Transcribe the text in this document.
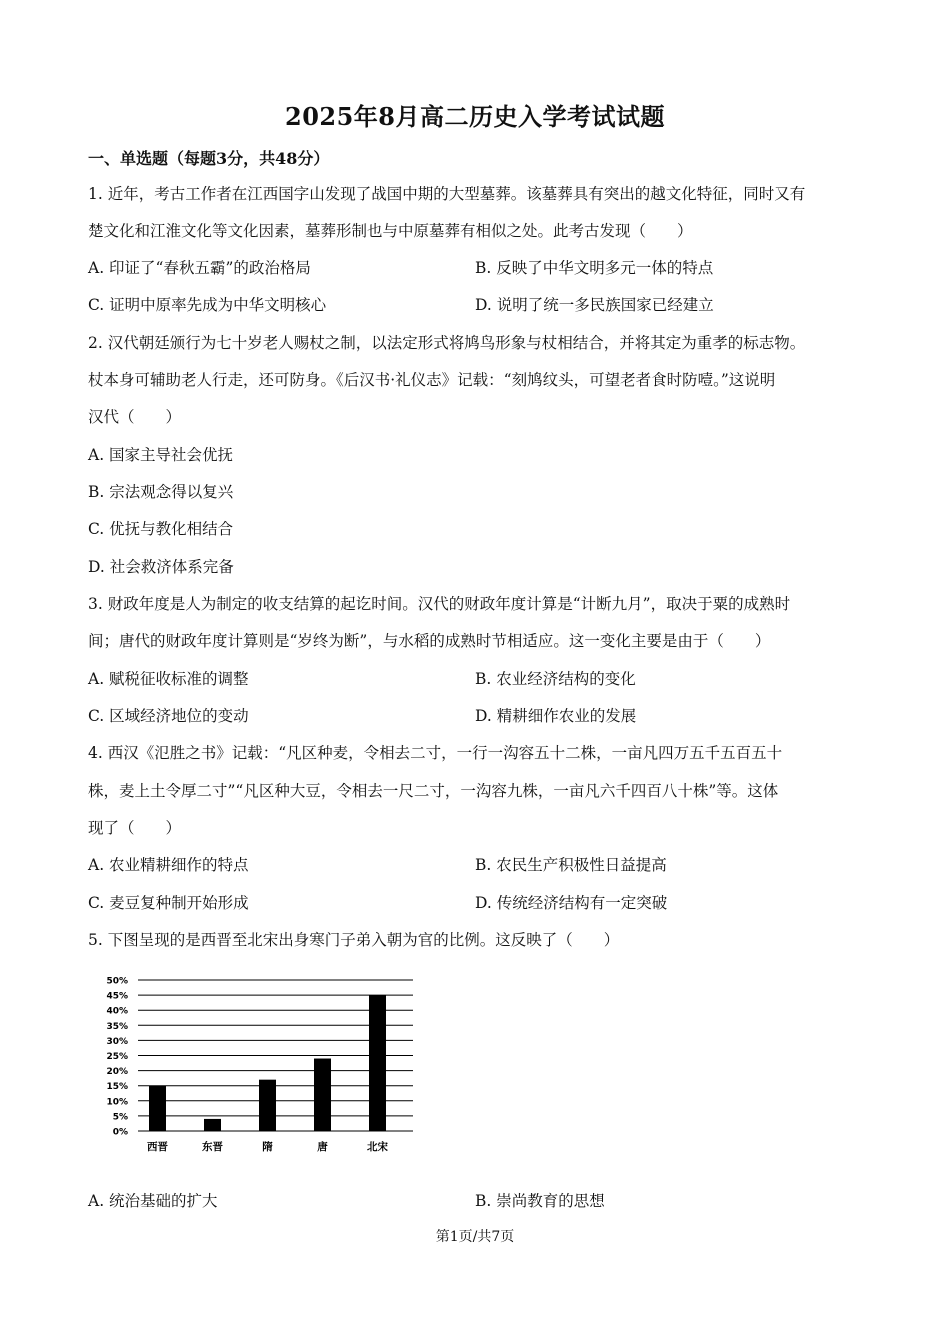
2025年8月高二历史入学考试试题
一、单选题（每题3分，共48分）
1. 近年，考古工作者在江西国字山发现了战国中期的大型墓葬。该墓葬具有突出的越文化特征，同时又有
楚文化和江淮文化等文化因素，墓葬形制也与中原墓葬有相似之处。此考古发现（　　）
A. 印证了“春秋五霸”的政治格局	B. 反映了中华文明多元一体的特点
C. 证明中原率先成为中华文明核心	D. 说明了统一多民族国家已经建立
2. 汉代朝廷颁行为七十岁老人赐杖之制，以法定形式将鸠鸟形象与杖相结合，并将其定为重孝的标志物。
杖本身可辅助老人行走，还可防身。《后汉书·礼仪志》记载：“刻鸠纹头，可望老者食时防噎。”这说明
汉代（　　）
A. 国家主导社会优抚
B. 宗法观念得以复兴
C. 优抚与教化相结合
D. 社会救济体系完备
3. 财政年度是人为制定的收支结算的起讫时间。汉代的财政年度计算是“计断九月”，取决于粟的成熟时
间；唐代的财政年度计算则是“岁终为断”，与水稻的成熟时节相适应。这一变化主要是由于（　　）
A. 赋税征收标准的调整	B. 农业经济结构的变化
C. 区域经济地位的变动	D. 精耕细作农业的发展
4. 西汉《氾胜之书》记载：“凡区种麦，令相去二寸，一行一沟容五十二株，一亩凡四万五千五百五十
株，麦上土令厚二寸”“凡区种大豆，令相去一尺二寸，一沟容九株，一亩凡六千四百八十株”等。这体
现了（　　）
A. 农业精耕细作的特点	B. 农民生产积极性日益提高
C. 麦豆复种制开始形成	D. 传统经济结构有一定突破
5. 下图呈现的是西晋至北宋出身寒门子弟入朝为官的比例。这反映了（　　）
0%
5%
10%
15%
20%
25%
30%
35%
40%
45%
50%
西晋	东晋	隋	唐	北宋
A. 统治基础的扩大	B. 崇尚教育的思想
第1页/共7页
